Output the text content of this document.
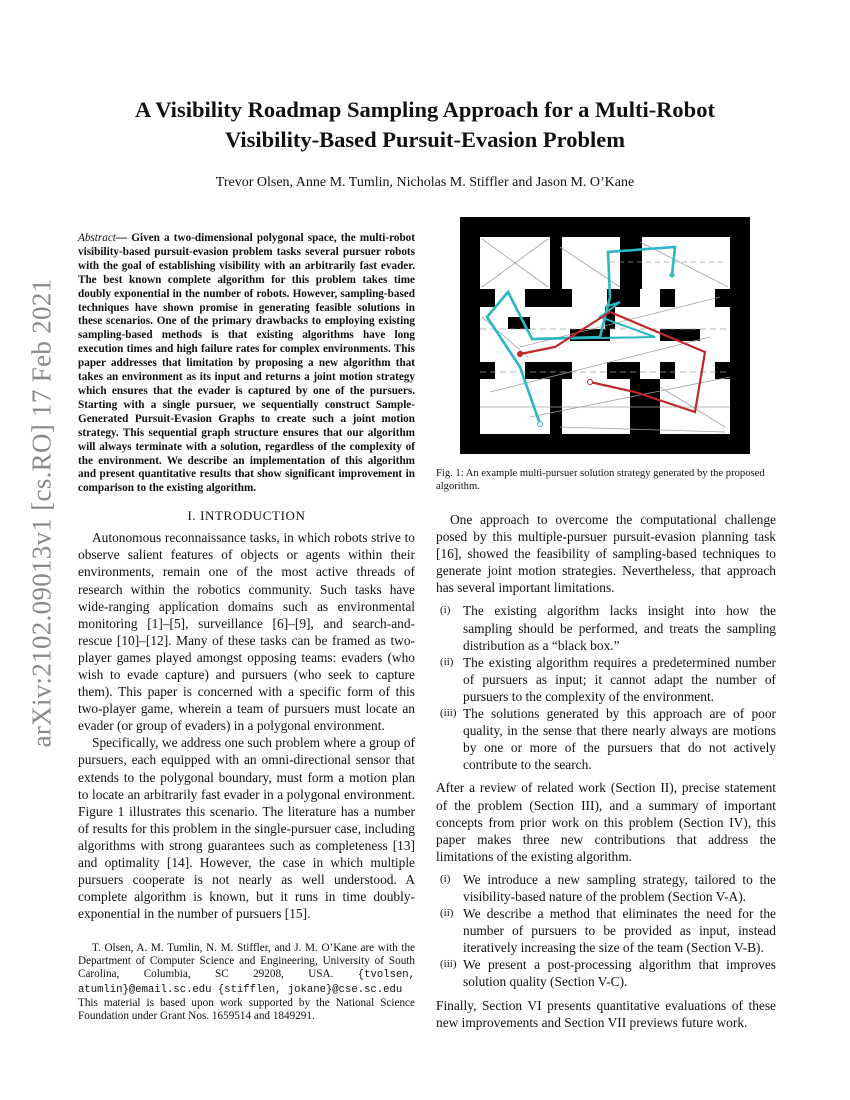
arXiv:2102.09013v1 [cs.RO] 17 Feb 2021
A Visibility Roadmap Sampling Approach for a Multi-Robot
Visibility-Based Pursuit-Evasion Problem
Trevor Olsen, Anne M. Tumlin, Nicholas M. Stiffler and Jason M. O’Kane
Abstract— Given a two-dimensional polygonal space, the multi-robot visibility-based pursuit-evasion problem tasks several pursuer robots with the goal of establishing visibility with an arbitrarily fast evader. The best known complete algorithm for this problem takes time doubly exponential in the number of robots. However, sampling-based techniques have shown promise in generating feasible solutions in these scenarios. One of the primary drawbacks to employing existing sampling-based methods is that existing algorithms have long execution times and high failure rates for complex environments. This paper addresses that limitation by proposing a new algorithm that takes an environment as its input and returns a joint motion strategy which ensures that the evader is captured by one of the pursuers. Starting with a single pursuer, we sequentially construct Sample-Generated Pursuit-Evasion Graphs to create such a joint motion strategy. This sequential graph structure ensures that our algorithm will always terminate with a solution, regardless of the complexity of the environment. We describe an implementation of this algorithm and present quantitative results that show significant improvement in comparison to the existing algorithm.
I. INTRODUCTION

Autonomous reconnaissance tasks, in which robots strive to observe salient features of objects or agents within their environments, remain one of the most active threads of research within the robotics community. Such tasks have wide-ranging application domains such as environmental monitoring [1]–[5], surveillance [6]–[9], and search-and-rescue [10]–[12]. Many of these tasks can be framed as two-player games played amongst opposing teams: evaders (who wish to evade capture) and pursuers (who seek to capture them). This paper is concerned with a specific form of this two-player game, wherein a team of pursuers must locate an evader (or group of evaders) in a polygonal environment.

Specifically, we address one such problem where a group of pursuers, each equipped with an omni-directional sensor that extends to the polygonal boundary, must form a motion plan to locate an arbitrarily fast evader in a polygonal environment. Figure 1 illustrates this scenario. The literature has a number of results for this problem in the single-pursuer case, including algorithms with strong guarantees such as completeness [13] and optimality [14]. However, the case in which multiple pursuers cooperate is not nearly as well understood. A complete algorithm is known, but it runs in time doubly-exponential in the number of pursuers [15].

T. Olsen, A. M. Tumlin, N. M. Stiffler, and J. M. O’Kane are with the Department of Computer Science and Engineering, University of South Carolina, Columbia, SC 29208, USA. {tvolsen, atumlin}@email.sc.edu {stifflen, jokane}@cse.sc.edu

This material is based upon work supported by the National Science Foundation under Grant Nos. 1659514 and 1849291.

Fig. 1: An example multi-pursuer solution strategy generated by the proposed algorithm.

One approach to overcome the computational challenge posed by this multiple-pursuer pursuit-evasion planning task [16], showed the feasibility of sampling-based techniques to generate joint motion strategies. Nevertheless, that approach has several important limitations.

(i) The existing algorithm lacks insight into how the sampling should be performed, and treats the sampling distribution as a “black box.”
(ii) The existing algorithm requires a predetermined number of pursuers as input; it cannot adapt the number of pursuers to the complexity of the environment.
(iii) The solutions generated by this approach are of poor quality, in the sense that there nearly always are motions by one or more of the pursuers that do not actively contribute to the search.

After a review of related work (Section II), precise statement of the problem (Section III), and a summary of important concepts from prior work on this problem (Section IV), this paper makes three new contributions that address the limitations of the existing algorithm.

(i) We introduce a new sampling strategy, tailored to the visibility-based nature of the problem (Section V-A).
(ii) We describe a method that eliminates the need for the number of pursuers to be provided as input, instead iteratively increasing the size of the team (Section V-B).
(iii) We present a post-processing algorithm that improves solution quality (Section V-C).

Finally, Section VI presents quantitative evaluations of these new improvements and Section VII previews future work.
